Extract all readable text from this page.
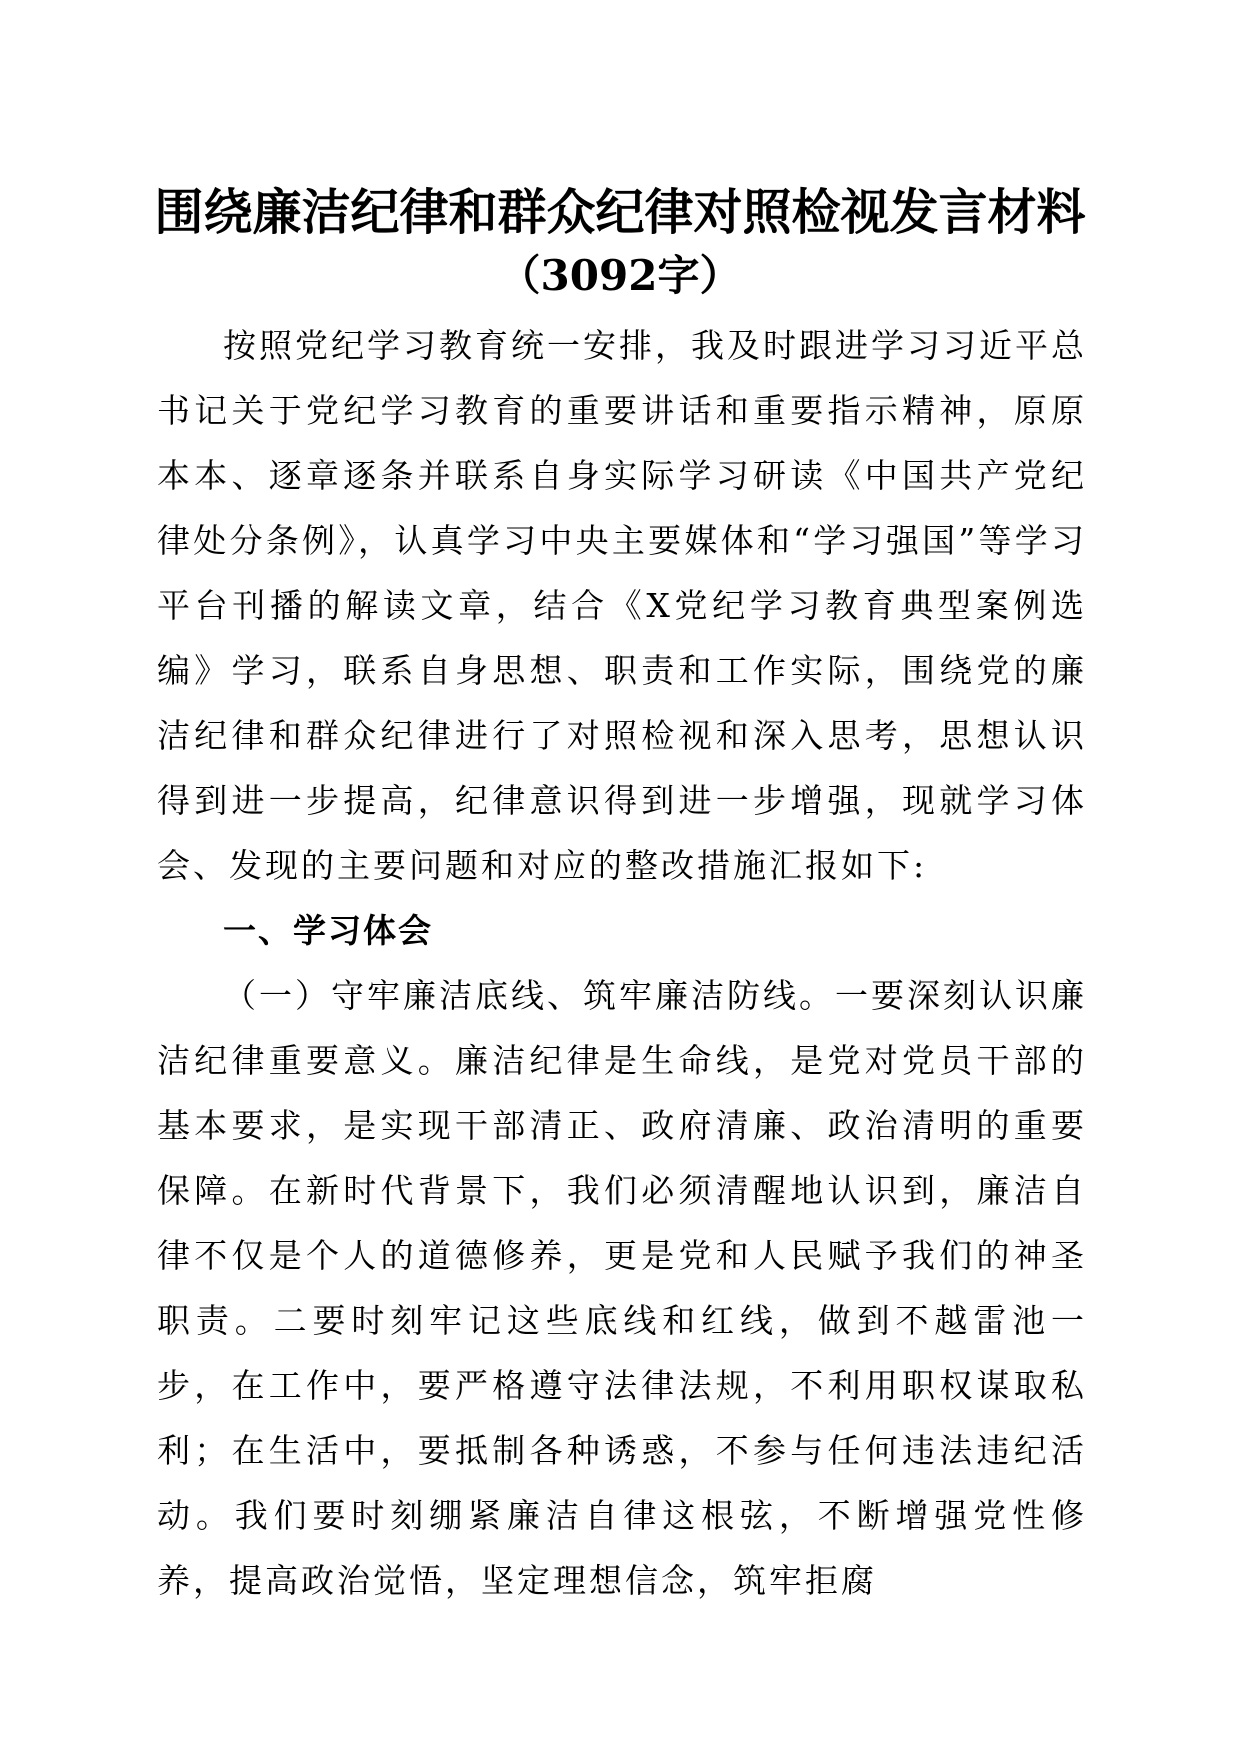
围绕廉洁纪律和群众纪律对照检视发言材料
（3092字）

按照党纪学习教育统一安排，我及时跟进学习习近平总书记关于党纪学习教育的重要讲话和重要指示精神，原原本本、逐章逐条并联系自身实际学习研读《中国共产党纪律处分条例》，认真学习中央主要媒体和“学习强国”等学习平台刊播的解读文章，结合《X党纪学习教育典型案例选编》学习，联系自身思想、职责和工作实际，围绕党的廉洁纪律和群众纪律进行了对照检视和深入思考，思想认识得到进一步提高，纪律意识得到进一步增强，现就学习体会、发现的主要问题和对应的整改措施汇报如下:

一、学习体会

（一）守牢廉洁底线、筑牢廉洁防线。一要深刻认识廉洁纪律重要意义。廉洁纪律是生命线，是党对党员干部的基本要求，是实现干部清正、政府清廉、政治清明的重要保障。在新时代背景下，我们必须清醒地认识到，廉洁自律不仅是个人的道德修养，更是党和人民赋予我们的神圣职责。二要时刻牢记这些底线和红线，做到不越雷池一步，在工作中，要严格遵守法律法规，不利用职权谋取私利；在生活中，要抵制各种诱惑，不参与任何违法违纪活动。我们要时刻绷紧廉洁自律这根弦，不断增强党性修养，提高政治觉悟，坚定理想信念，筑牢拒腐
